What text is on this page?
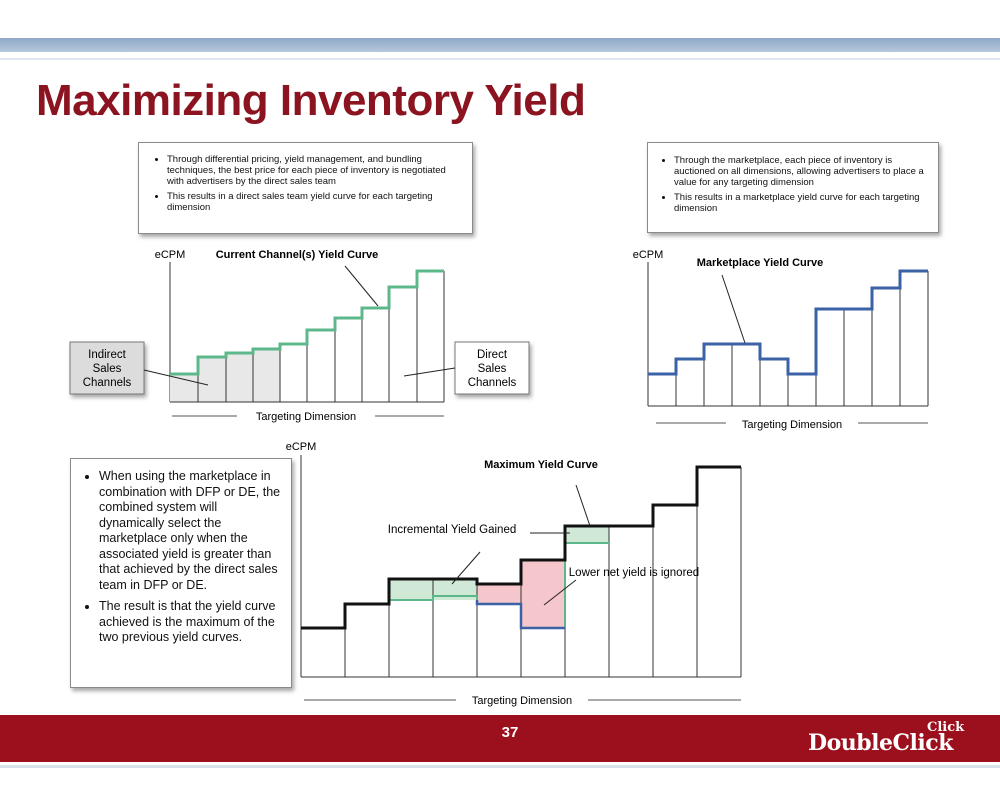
Maximizing Inventory Yield
• Through differential pricing, yield management, and bundling techniques, the best price for each piece of inventory is negotiated with advertisers by the direct sales team
• This results in a direct sales team yield curve for each targeting dimension
• Through the marketplace, each piece of inventory is auctioned on all dimensions, allowing advertisers to place a value for any targeting dimension
• This results in a marketplace yield curve for each targeting dimension
• When using the marketplace in combination with DFP or DE, the combined system will dynamically select the marketplace only when the associated yield is greater than that achieved by the direct sales team in DFP or DE.
• The result is that the yield curve achieved is the maximum of the two previous yield curves.
eCPM	Current Channel(s) Yield Curve
Targeting Dimension
Indirect
Sales
Channels
Direct
Sales
Channels
eCPM
Marketplace Yield Curve
Targeting Dimension
eCPM
Maximum Yield Curve
Incremental Yield Gained
Lower net yield is ignored
Targeting Dimension
37	DoubleClick
Click
